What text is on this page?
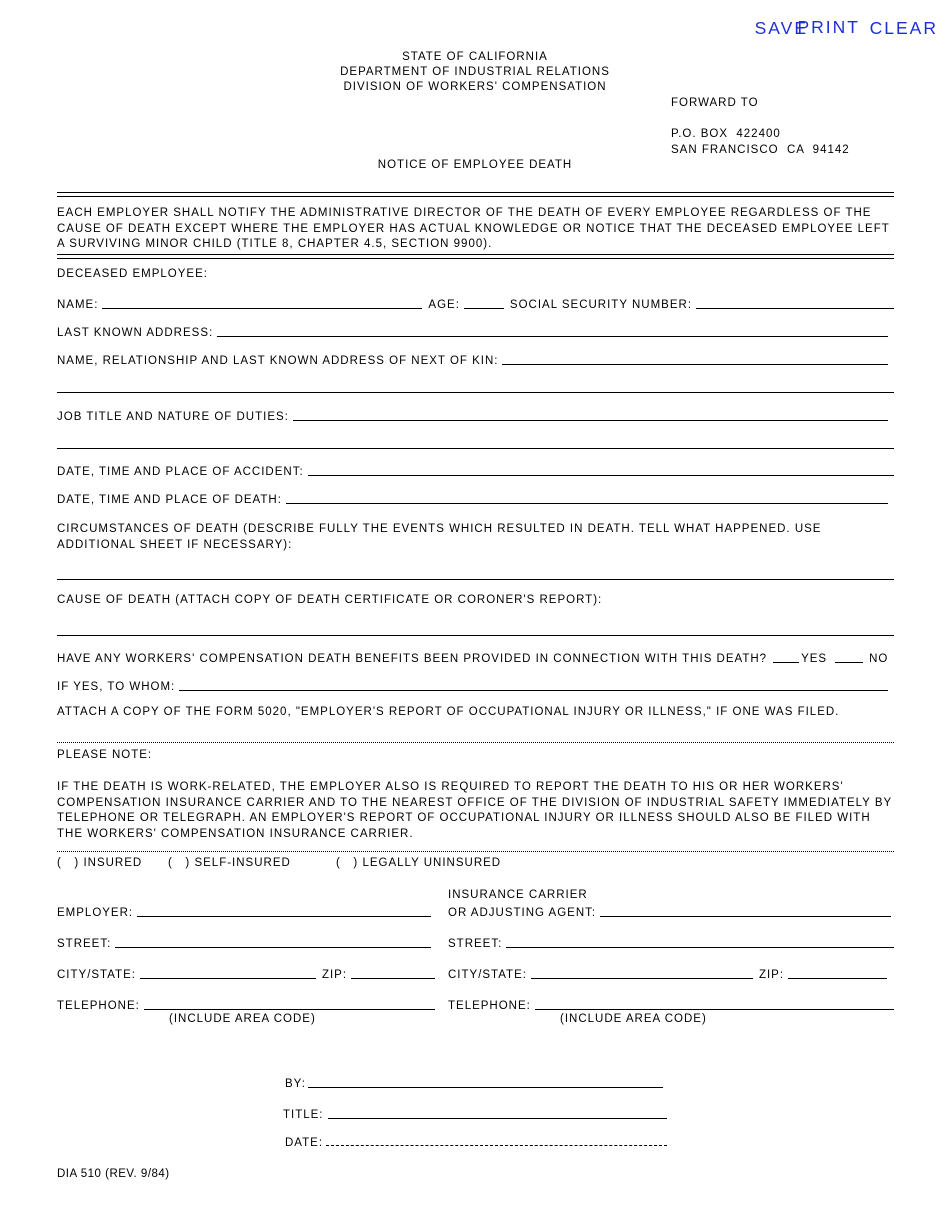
SAVE
PRINT CLEAR
STATE OF CALIFORNIA
DEPARTMENT OF INDUSTRIAL RELATIONS
DIVISION OF WORKERS' COMPENSATION
FORWARD TO
P.O. BOX  422400
SAN FRANCISCO  CA  94142
NOTICE OF EMPLOYEE DEATH
EACH EMPLOYER SHALL NOTIFY THE ADMINISTRATIVE DIRECTOR OF THE DEATH OF EVERY EMPLOYEE REGARDLESS OF THE CAUSE OF DEATH EXCEPT WHERE THE EMPLOYER HAS ACTUAL KNOWLEDGE OR NOTICE THAT THE DECEASED EMPLOYEE LEFT A SURVIVING MINOR CHILD (TITLE 8, CHAPTER 4.5, SECTION 9900).
DECEASED EMPLOYEE:
NAME:	AGE:	SOCIAL SECURITY NUMBER:
LAST KNOWN ADDRESS:
NAME, RELATIONSHIP AND LAST KNOWN ADDRESS OF NEXT OF KIN:
JOB TITLE AND NATURE OF DUTIES:
DATE, TIME AND PLACE OF ACCIDENT:
DATE, TIME AND PLACE OF DEATH:
CIRCUMSTANCES OF DEATH (DESCRIBE FULLY THE EVENTS WHICH RESULTED IN DEATH. TELL WHAT HAPPENED. USE ADDITIONAL SHEET IF NECESSARY):
CAUSE OF DEATH (ATTACH COPY OF DEATH CERTIFICATE OR CORONER'S REPORT):
HAVE ANY WORKERS' COMPENSATION DEATH BENEFITS BEEN PROVIDED IN CONNECTION WITH THIS DEATH?	YES	NO
IF YES, TO WHOM:
ATTACH A COPY OF THE FORM 5020, "EMPLOYER'S REPORT OF OCCUPATIONAL INJURY OR ILLNESS," IF ONE WAS FILED.
PLEASE NOTE:
IF THE DEATH IS WORK-RELATED, THE EMPLOYER ALSO IS REQUIRED TO REPORT THE DEATH TO HIS OR HER WORKERS' COMPENSATION INSURANCE CARRIER AND TO THE NEAREST OFFICE OF THE DIVISION OF INDUSTRIAL SAFETY IMMEDIATELY BY TELEPHONE OR TELEGRAPH. AN EMPLOYER'S REPORT OF OCCUPATIONAL INJURY OR ILLNESS SHOULD ALSO BE FILED WITH THE WORKERS' COMPENSATION INSURANCE CARRIER.
(   ) INSURED (   ) SELF-INSURED	(   ) LEGALLY UNINSURED
EMPLOYER:
STREET:
CITY/STATE:	ZIP:
TELEPHONE:
(INCLUDE AREA CODE)
INSURANCE CARRIER
OR ADJUSTING AGENT:
STREET:
CITY/STATE:	ZIP:
TELEPHONE:
(INCLUDE AREA CODE)
BY:
TITLE:
DATE:
DIA 510 (REV. 9/84)
